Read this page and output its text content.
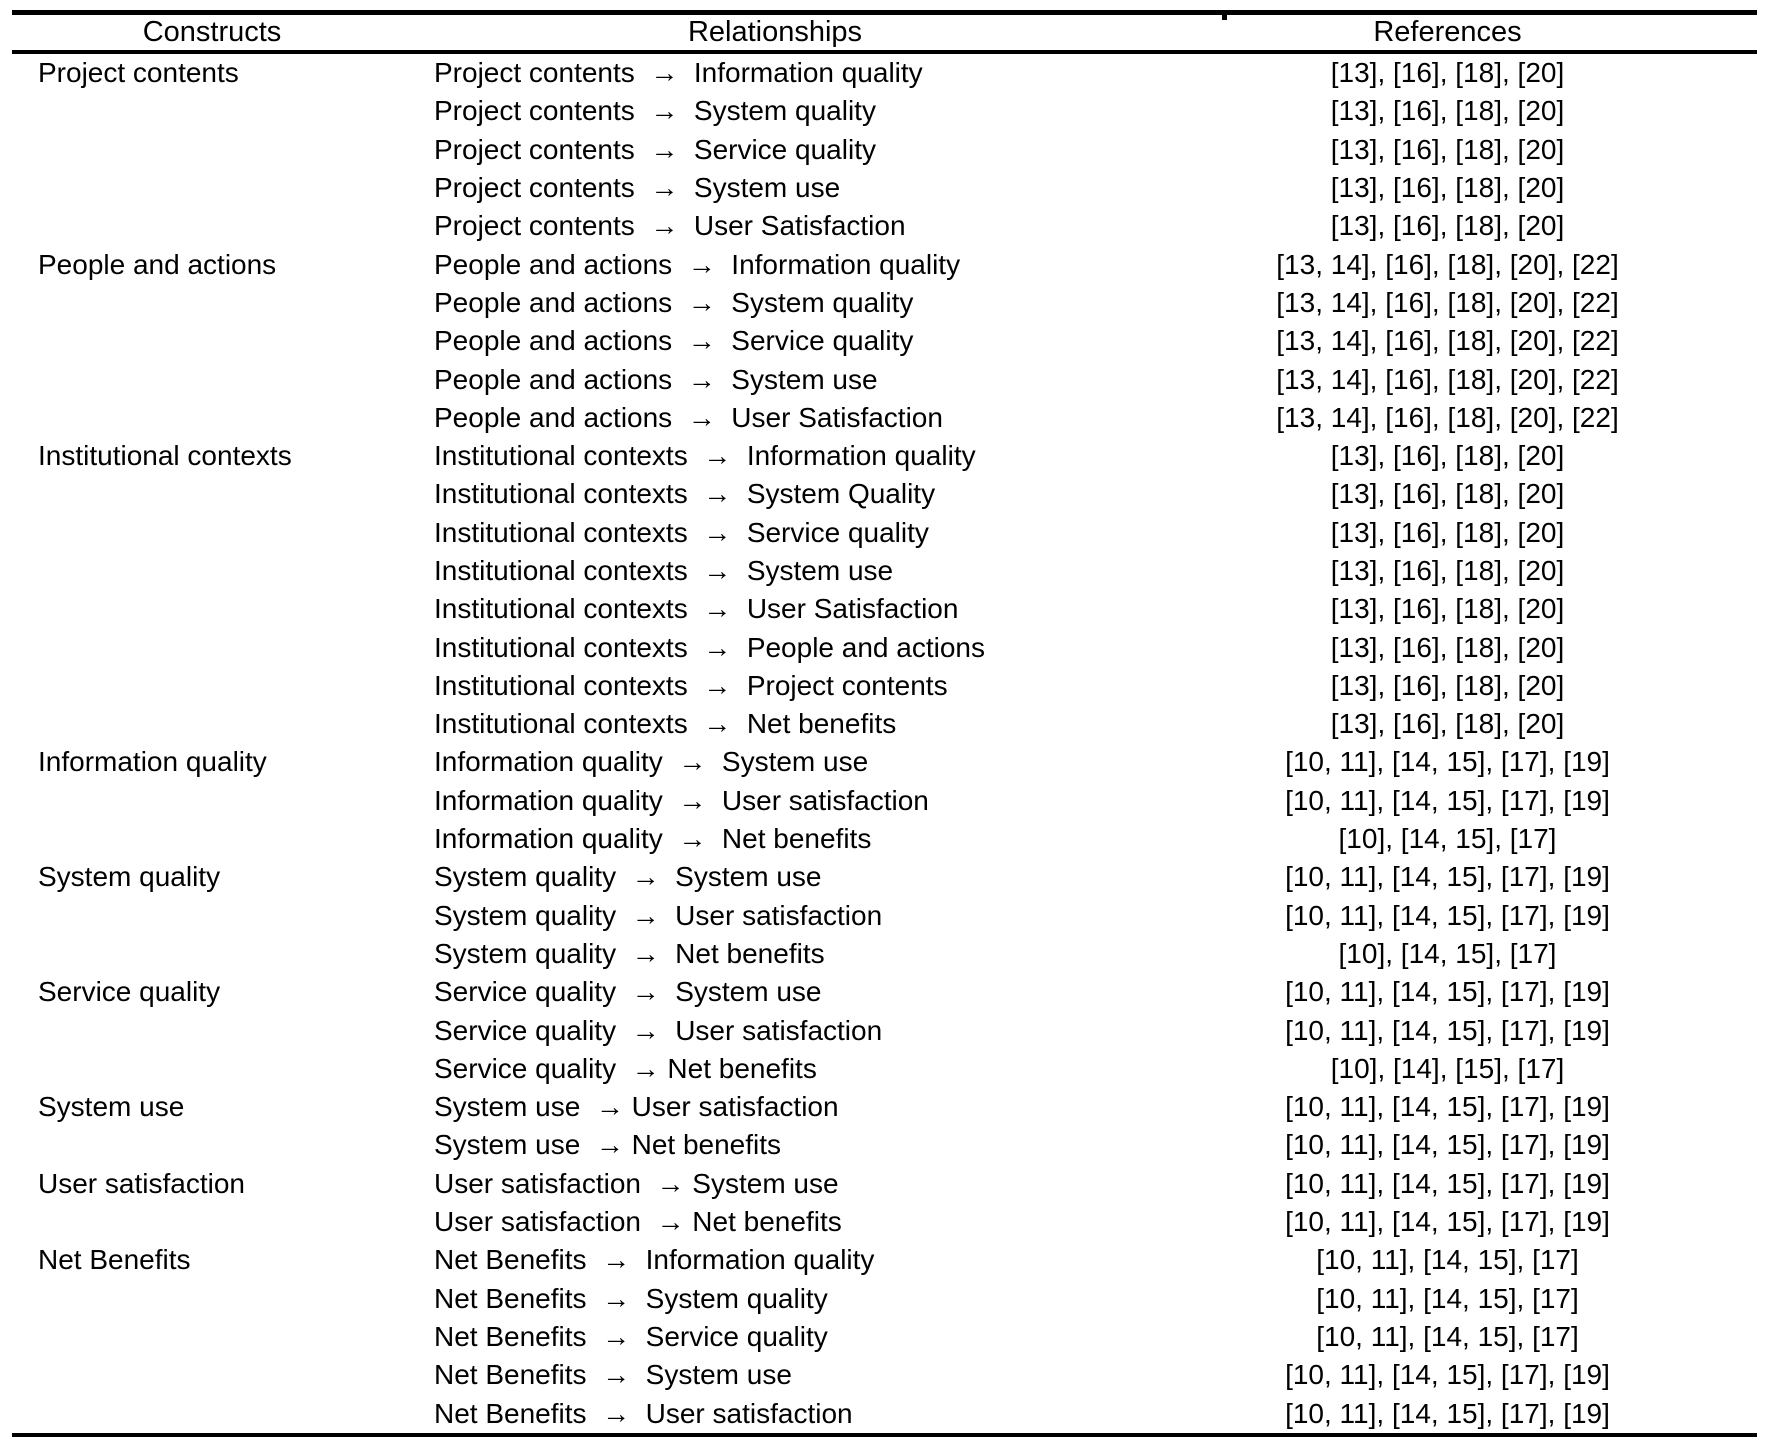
Constructs	Relationships	References
Project contents	Project contents  →  Information quality	[13], [16], [18], [20]
	Project contents  →  System quality	[13], [16], [18], [20]
	Project contents  →  Service quality	[13], [16], [18], [20]
	Project contents  →  System use	[13], [16], [18], [20]
	Project contents  →  User Satisfaction	[13], [16], [18], [20]
People and actions	People and actions  →  Information quality	[13, 14], [16], [18], [20], [22]
	People and actions  →  System quality	[13, 14], [16], [18], [20], [22]
	People and actions  →  Service quality	[13, 14], [16], [18], [20], [22]
	People and actions  →  System use	[13, 14], [16], [18], [20], [22]
	People and actions  →  User Satisfaction	[13, 14], [16], [18], [20], [22]
Institutional contexts	Institutional contexts  →  Information quality	[13], [16], [18], [20]
	Institutional contexts  →  System Quality	[13], [16], [18], [20]
	Institutional contexts  →  Service quality	[13], [16], [18], [20]
	Institutional contexts  →  System use	[13], [16], [18], [20]
	Institutional contexts  →  User Satisfaction	[13], [16], [18], [20]
	Institutional contexts  →  People and actions	[13], [16], [18], [20]
	Institutional contexts  →  Project contents	[13], [16], [18], [20]
	Institutional contexts  →  Net benefits	[13], [16], [18], [20]
Information quality	Information quality  →  System use	[10, 11], [14, 15], [17], [19]
	Information quality  →  User satisfaction	[10, 11], [14, 15], [17], [19]
	Information quality  →  Net benefits	[10], [14, 15], [17]
System quality	System quality  →  System use	[10, 11], [14, 15], [17], [19]
	System quality  →  User satisfaction	[10, 11], [14, 15], [17], [19]
	System quality  →  Net benefits	[10], [14, 15], [17]
Service quality	Service quality  →  System use	[10, 11], [14, 15], [17], [19]
	Service quality  →  User satisfaction	[10, 11], [14, 15], [17], [19]
	Service quality  → Net benefits	[10], [14], [15], [17]
System use	System use  → User satisfaction	[10, 11], [14, 15], [17], [19]
	System use  → Net benefits	[10, 11], [14, 15], [17], [19]
User satisfaction	User satisfaction  → System use	[10, 11], [14, 15], [17], [19]
	User satisfaction  → Net benefits	[10, 11], [14, 15], [17], [19]
Net Benefits	Net Benefits  →  Information quality	[10, 11], [14, 15], [17]
	Net Benefits  →  System quality	[10, 11], [14, 15], [17]
	Net Benefits  →  Service quality	[10, 11], [14, 15], [17]
	Net Benefits  →  System use	[10, 11], [14, 15], [17], [19]
	Net Benefits  →  User satisfaction	[10, 11], [14, 15], [17], [19]
